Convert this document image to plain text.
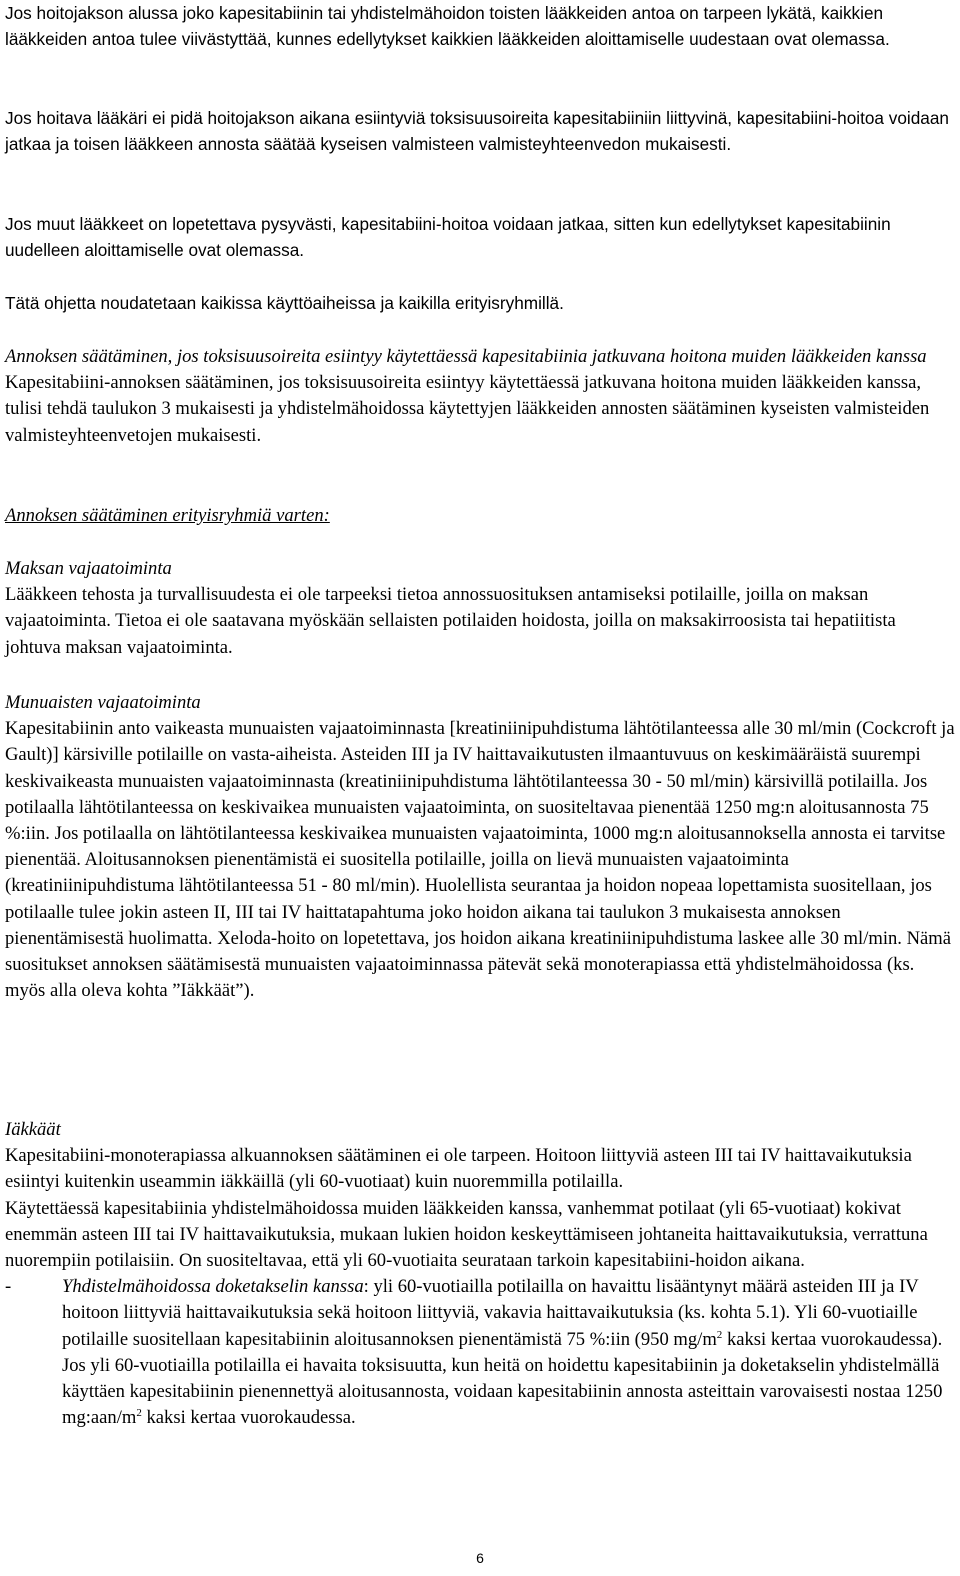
Jos hoitojakson alussa joko kapesitabiinin tai yhdistelmähoidon toisten lääkkeiden antoa on tarpeen lykätä, kaikkien lääkkeiden antoa tulee viivästyttää, kunnes edellytykset kaikkien lääkkeiden aloittamiselle uudestaan ovat olemassa.

Jos hoitava lääkäri ei pidä hoitojakson aikana esiintyviä toksisuusoireita kapesitabiiniin liittyvinä, kapesitabiini-hoitoa voidaan jatkaa ja toisen lääkkeen annosta säätää kyseisen valmisteen valmisteyhteenvedon mukaisesti.

Jos muut lääkkeet on lopetettava pysyvästi, kapesitabiini-hoitoa voidaan jatkaa, sitten kun edellytykset kapesitabiinin uudelleen aloittamiselle ovat olemassa.

Tätä ohjetta noudatetaan kaikissa käyttöaiheissa ja kaikilla erityisryhmillä.

Annoksen säätäminen, jos toksisuusoireita esiintyy käytettäessä kapesitabiinia jatkuvana hoitona muiden lääkkeiden kanssa

Kapesitabiini-annoksen säätäminen, jos toksisuusoireita esiintyy käytettäessä jatkuvana hoitona muiden lääkkeiden kanssa, tulisi tehdä taulukon 3 mukaisesti ja yhdistelmähoidossa käytettyjen lääkkeiden annosten säätäminen kyseisten valmisteiden valmisteyhteenvetojen mukaisesti.

Annoksen säätäminen erityisryhmiä varten:

Maksan vajaatoiminta

Lääkkeen tehosta ja turvallisuudesta ei ole tarpeeksi tietoa annossuosituksen antamiseksi potilaille, joilla on maksan vajaatoiminta. Tietoa ei ole saatavana myöskään sellaisten potilaiden hoidosta, joilla on maksakirroosista tai hepatiitista johtuva maksan vajaatoiminta.

Munuaisten vajaatoiminta

Kapesitabiinin anto vaikeasta munuaisten vajaatoiminnasta [kreatiniinipuhdistuma lähtötilanteessa alle 30 ml/min (Cockcroft ja Gault)] kärsiville potilaille on vasta-aiheista. Asteiden III ja IV haittavaikutusten ilmaantuvuus on keskimääräistä suurempi keskivaikeasta munuaisten vajaatoiminnasta (kreatiniinipuhdistuma lähtötilanteessa 30 - 50 ml/min) kärsivillä potilailla. Jos potilaalla lähtötilanteessa on keskivaikea munuaisten vajaatoiminta, on suositeltavaa pienentää 1250 mg:n aloitusannosta 75 %:iin. Jos potilaalla on lähtötilanteessa keskivaikea munuaisten vajaatoiminta, 1000 mg:n aloitusannoksella annosta ei tarvitse pienentää. Aloitusannoksen pienentämistä ei suositella potilaille, joilla on lievä munuaisten vajaatoiminta (kreatiniinipuhdistuma lähtötilanteessa 51 - 80 ml/min). Huolellista seurantaa ja hoidon nopeaa lopettamista suositellaan, jos potilaalle tulee jokin asteen II, III tai IV haittatapahtuma joko hoidon aikana tai taulukon 3 mukaisesta annoksen pienentämisestä huolimatta. Xeloda-hoito on lopetettava, jos hoidon aikana kreatiniinipuhdistuma laskee alle 30 ml/min. Nämä suositukset annoksen säätämisestä munuaisten vajaatoiminnassa pätevät sekä monoterapiassa että yhdistelmähoidossa (ks. myös alla oleva kohta ”Iäkkäät”).

Iäkkäät

Kapesitabiini-monoterapiassa alkuannoksen säätäminen ei ole tarpeen. Hoitoon liittyviä asteen III tai IV haittavaikutuksia esiintyi kuitenkin useammin iäkkäillä (yli 60-vuotiaat) kuin nuoremmilla potilailla.

Käytettäessä kapesitabiinia yhdistelmähoidossa muiden lääkkeiden kanssa, vanhemmat potilaat (yli 65-vuotiaat) kokivat enemmän asteen III tai IV haittavaikutuksia, mukaan lukien hoidon keskeyttämiseen johtaneita haittavaikutuksia, verrattuna nuorempiin potilaisiin. On suositeltavaa, että yli 60-vuotiaita seurataan tarkoin kapesitabiini-hoidon aikana.

-	Yhdistelmähoidossa doketakselin kanssa: yli 60-vuotiailla potilailla on havaittu lisääntynyt määrä asteiden III ja IV hoitoon liittyviä haittavaikutuksia sekä hoitoon liittyviä, vakavia haittavaikutuksia (ks. kohta 5.1). Yli 60-vuotiaille potilaille suositellaan kapesitabiinin aloitusannoksen pienentämistä 75 %:iin (950 $mg/m^2$ kaksi kertaa vuorokaudessa). Jos yli 60-vuotiailla potilailla ei havaita toksisuutta, kun heitä on hoidettu kapesitabiinin ja doketakselin yhdistelmällä käyttäen kapesitabiinin pienennettyä aloitusannosta, voidaan kapesitabiinin annosta asteittain varovaisesti nostaa 1250 $mg:aan/m^2$ kaksi kertaa vuorokaudessa.
6
